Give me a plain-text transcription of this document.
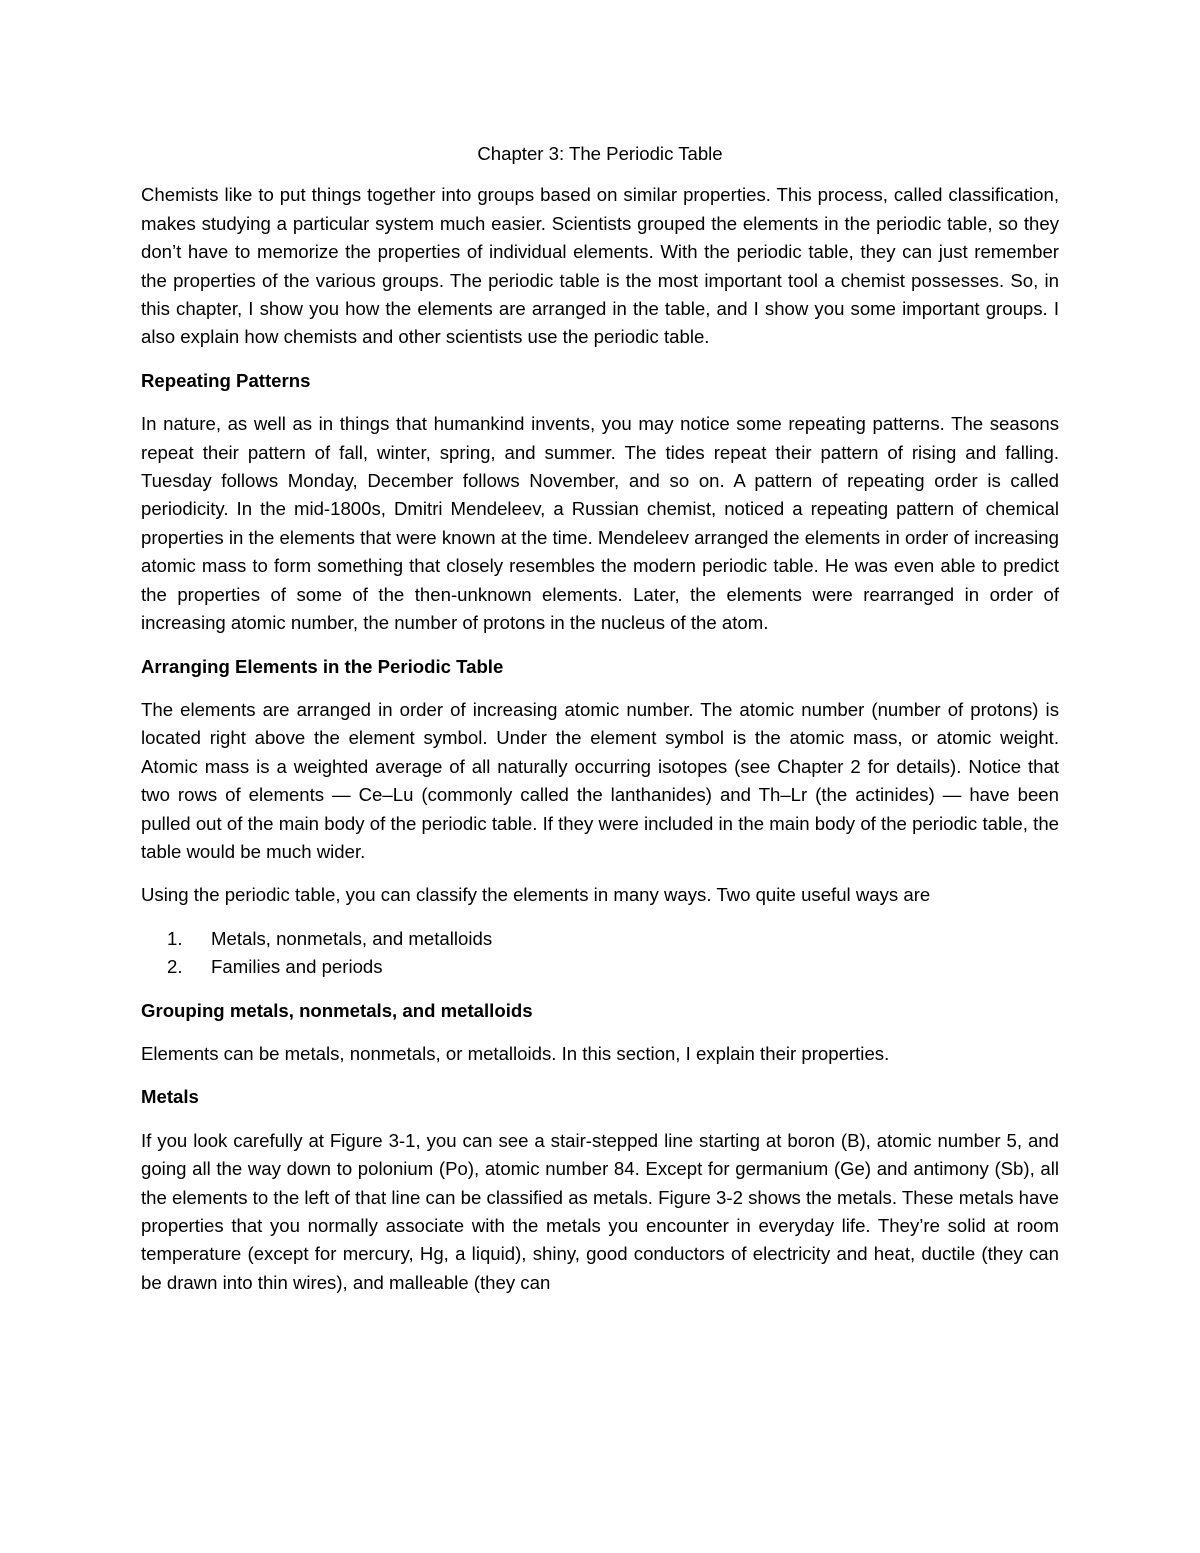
Chapter 3: The Periodic Table

Chemists like to put things together into groups based on similar properties. This process, called classification, makes studying a particular system much easier. Scientists grouped the elements in the periodic table, so they don’t have to memorize the properties of individual elements. With the periodic table, they can just remember the properties of the various groups. The periodic table is the most important tool a chemist possesses. So, in this chapter, I show you how the elements are arranged in the table, and I show you some important groups. I also explain how chemists and other scientists use the periodic table.

Repeating Patterns

In nature, as well as in things that humankind invents, you may notice some repeating patterns. The seasons repeat their pattern of fall, winter, spring, and summer. The tides repeat their pattern of rising and falling. Tuesday follows Monday, December follows November, and so on. A pattern of repeating order is called periodicity. In the mid-1800s, Dmitri Mendeleev, a Russian chemist, noticed a repeating pattern of chemical properties in the elements that were known at the time. Mendeleev arranged the elements in order of increasing atomic mass to form something that closely resembles the modern periodic table. He was even able to predict the properties of some of the then-unknown elements. Later, the elements were rearranged in order of increasing atomic number, the number of protons in the nucleus of the atom.

Arranging Elements in the Periodic Table

The elements are arranged in order of increasing atomic number. The atomic number (number of protons) is located right above the element symbol. Under the element symbol is the atomic mass, or atomic weight. Atomic mass is a weighted average of all naturally occurring isotopes (see Chapter 2 for details). Notice that two rows of elements — Ce–Lu (commonly called the lanthanides) and Th–Lr (the actinides) — have been pulled out of the main body of the periodic table. If they were included in the main body of the periodic table, the table would be much wider.

Using the periodic table, you can classify the elements in many ways. Two quite useful ways are

1. Metals, nonmetals, and metalloids
2. Families and periods
Grouping metals, nonmetals, and metalloids

Elements can be metals, nonmetals, or metalloids. In this section, I explain their properties.

Metals

If you look carefully at Figure 3-1, you can see a stair-stepped line starting at boron (B), atomic number 5, and going all the way down to polonium (Po), atomic number 84. Except for germanium (Ge) and antimony (Sb), all the elements to the left of that line can be classified as metals. Figure 3-2 shows the metals. These metals have properties that you normally associate with the metals you encounter in everyday life. They’re solid at room temperature (except for mercury, Hg, a liquid), shiny, good conductors of electricity and heat, ductile (they can be drawn into thin wires), and malleable (they can
